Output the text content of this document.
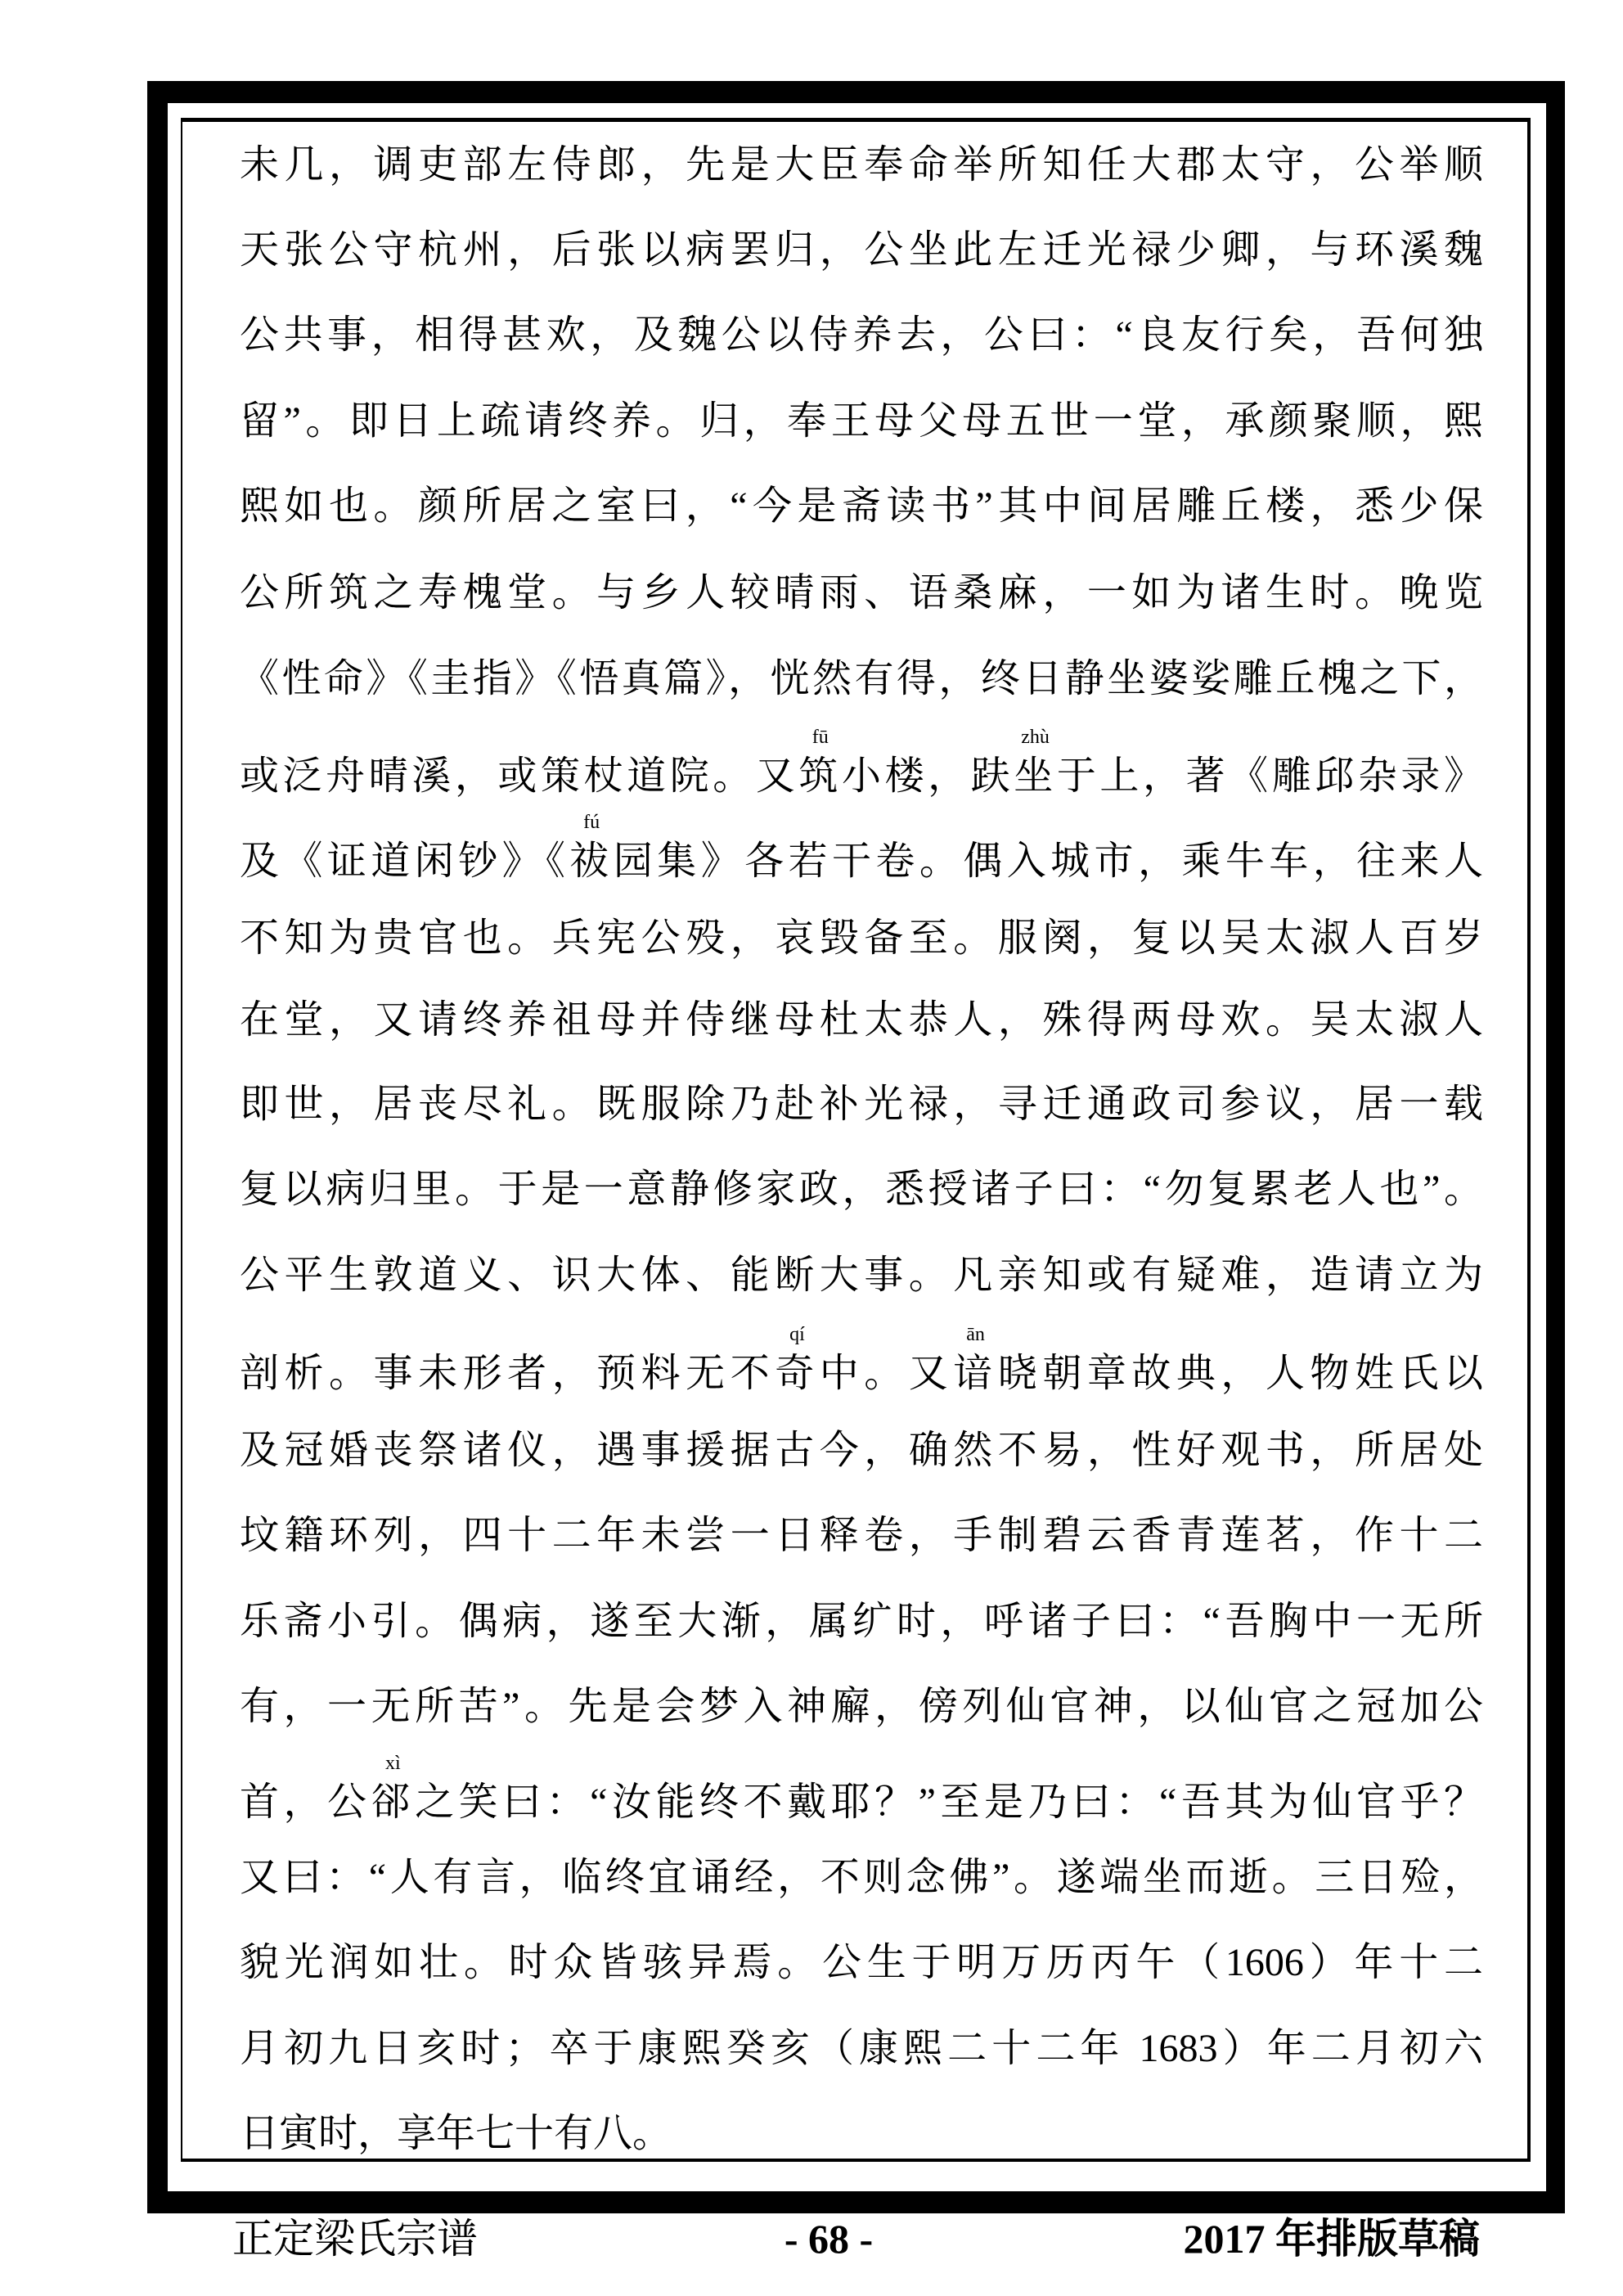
未几，调吏部左侍郎，先是大臣奉命举所知任大郡太守，公举顺
天张公守杭州，后张以病罢归，公坐此左迁光禄少卿，与环溪魏
公共事，相得甚欢，及魏公以侍养去，公曰：“良友行矣，吾何独
留”。即日上疏请终养。归，奉王母父母五世一堂，承颜聚顺，熙
熙如也。颜所居之室曰，“今是斋读书”其中间居雕丘楼，悉少保
公所筑之寿槐堂。与乡人较晴雨、语桑麻，一如为诸生时。晚览
《性命》《圭指》《悟真篇》，恍然有得，终日静坐婆娑雕丘槐之下，
或泛舟晴溪，或策杖道院。又筑小楼，趺坐于上，著《雕邱杂录》
及《证道闲钞》《祓园集》各若干卷。偶入城市，乘牛车，往来人
不知为贵官也。兵宪公殁，哀毁备至。服阕，复以吴太淑人百岁
在堂，又请终养祖母并侍继母杜太恭人，殊得两母欢。吴太淑人
即世，居丧尽礼。既服除乃赴补光禄，寻迁通政司参议，居一载
复以病归里。于是一意静修家政，悉授诸子曰：“勿复累老人也”。
公平生敦道义、识大体、能断大事。凡亲知或有疑难，造请立为
剖析。事未形者，预料无不奇中。又谙晓朝章故典，人物姓氏以
及冠婚丧祭诸仪，遇事援据古今，确然不易，性好观书，所居处
坟籍环列，四十二年未尝一日释卷，手制碧云香青莲茗，作十二
乐斋小引。偶病，遂至大渐，属纩时，呼诸子曰：“吾胸中一无所
有，一无所苦”。先是会梦入神廨，傍列仙官神，以仙官之冠加公
首，公郤之笑曰：“汝能终不戴耶？”至是乃曰：“吾其为仙官乎？
又曰：“人有言，临终宜诵经，不则念佛”。遂端坐而逝。三日殓，
貌光润如壮。时众皆骇异焉。公生于明万历丙午（1606）年十二
月初九日亥时；卒于康熙癸亥（康熙二十二年 1683）年二月初六
日寅时，享年七十有八。
fū	zhù
fú
qí	ān
xì
正定梁氏宗谱	- 68 -	2017 年排版草稿
